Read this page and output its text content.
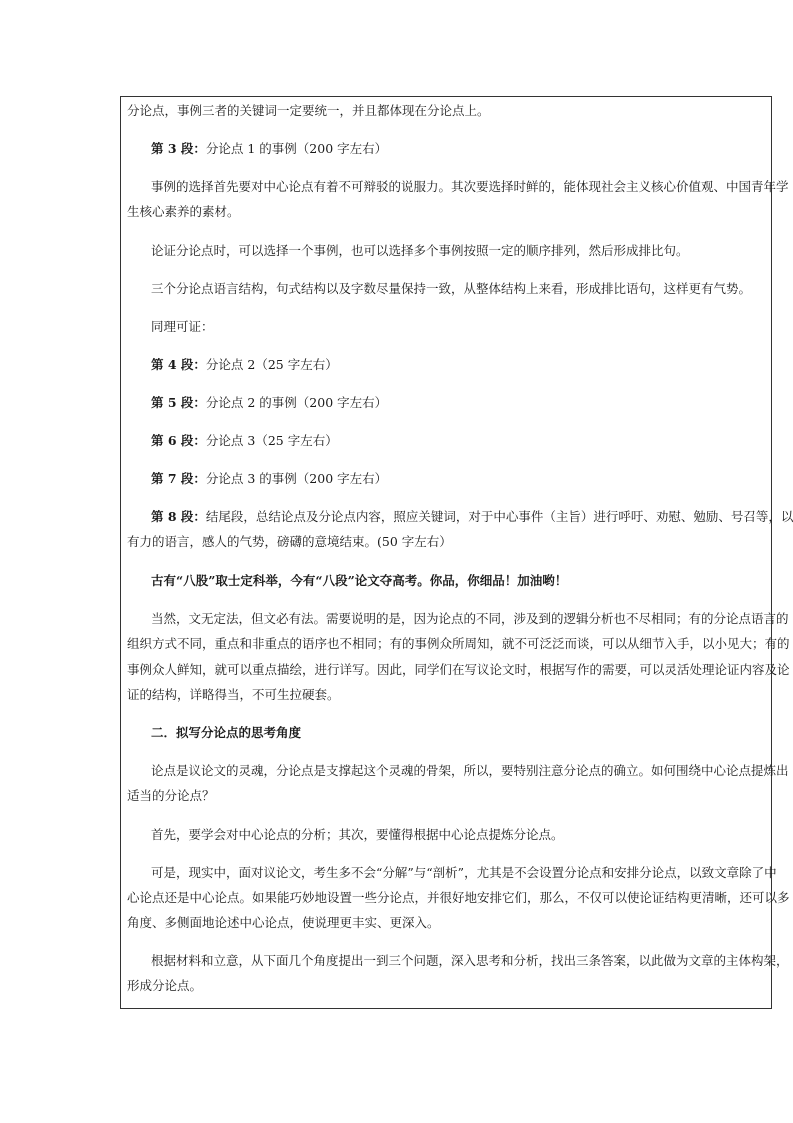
分论点，事例三者的关键词一定要统一，并且都体现在分论点上。

第 3 段：分论点 1 的事例（200 字左右）

事例的选择首先要对中心论点有着不可辩驳的说服力。其次要选择时鲜的，能体现社会主义核心价值观、中国青年学

生核心素养的素材。

论证分论点时，可以选择一个事例，也可以选择多个事例按照一定的顺序排列，然后形成排比句。

三个分论点语言结构，句式结构以及字数尽量保持一致，从整体结构上来看，形成排比语句，这样更有气势。

同理可证：

第 4 段：分论点 2（25 字左右）

第 5 段：分论点 2 的事例（200 字左右）

第 6 段：分论点 3（25 字左右）

第 7 段：分论点 3 的事例（200 字左右）

第 8 段：结尾段，总结论点及分论点内容，照应关键词，对于中心事件（主旨）进行呼吁、劝慰、勉励、号召等，以

有力的语言，感人的气势，磅礴的意境结束。(50 字左右）

古有“八股”取士定科举，今有“八段”论文夺高考。你品，你细品！加油哟！

当然，文无定法，但文必有法。需要说明的是，因为论点的不同，涉及到的逻辑分析也不尽相同；有的分论点语言的

组织方式不同，重点和非重点的语序也不相同；有的事例众所周知，就不可泛泛而谈，可以从细节入手，以小见大；有的

事例众人鲜知，就可以重点描绘，进行详写。因此，同学们在写议论文时，根据写作的需要，可以灵活处理论证内容及论

证的结构，详略得当，不可生拉硬套。

二．拟写分论点的思考角度

论点是议论文的灵魂，分论点是支撑起这个灵魂的骨架，所以，要特别注意分论点的确立。如何围绕中心论点提炼出

适当的分论点？

首先，要学会对中心论点的分析；其次，要懂得根据中心论点提炼分论点。

可是，现实中，面对议论文，考生多不会“分解”与“剖析”，尤其是不会设置分论点和安排分论点，以致文章除了中

心论点还是中心论点。如果能巧妙地设置一些分论点，并很好地安排它们，那么，不仅可以使论证结构更清晰，还可以多

角度、多侧面地论述中心论点，使说理更丰实、更深入。

根据材料和立意，从下面几个角度提出一到三个问题，深入思考和分析，找出三条答案，以此做为文章的主体构架，

形成分论点。
